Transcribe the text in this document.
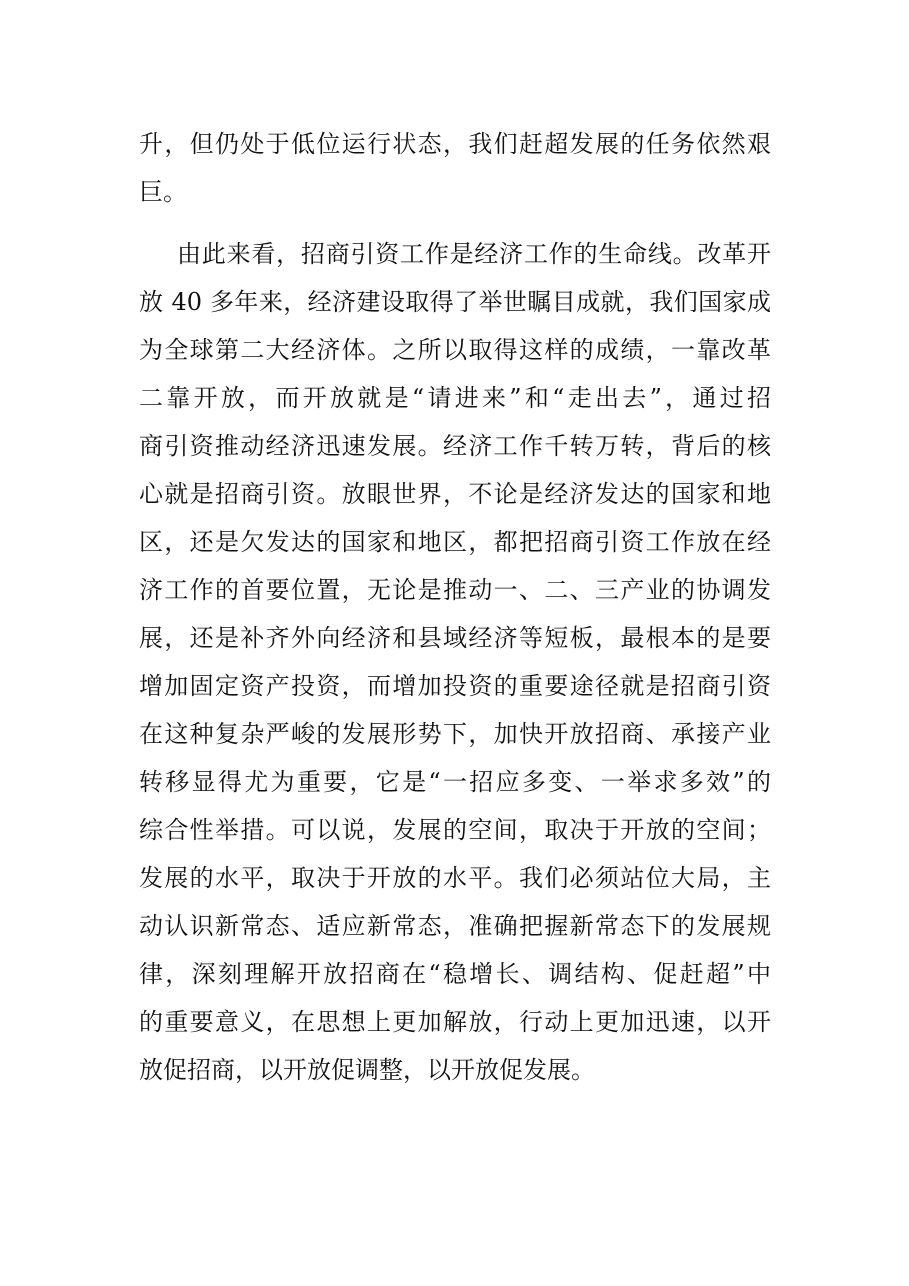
升，但仍处于低位运行状态，我们赶超发展的任务依然艰
巨。
由此来看，招商引资工作是经济工作的生命线。改革开
放 40 多年来，经济建设取得了举世瞩目成就，我们国家成
为全球第二大经济体。之所以取得这样的成绩，一靠改革
二靠开放，而开放就是“请进来”和“走出去”，通过招
商引资推动经济迅速发展。经济工作千转万转，背后的核
心就是招商引资。放眼世界，不论是经济发达的国家和地
区，还是欠发达的国家和地区，都把招商引资工作放在经
济工作的首要位置，无论是推动一、二、三产业的协调发
展，还是补齐外向经济和县域经济等短板，最根本的是要
增加固定资产投资，而增加投资的重要途径就是招商引资
在这种复杂严峻的发展形势下，加快开放招商、承接产业
转移显得尤为重要，它是“一招应多变、一举求多效”的
综合性举措。可以说，发展的空间，取决于开放的空间；
发展的水平，取决于开放的水平。我们必须站位大局，主
动认识新常态、适应新常态，准确把握新常态下的发展规
律，深刻理解开放招商在“稳增长、调结构、促赶超”中
的重要意义，在思想上更加解放，行动上更加迅速，以开
放促招商，以开放促调整，以开放促发展。
